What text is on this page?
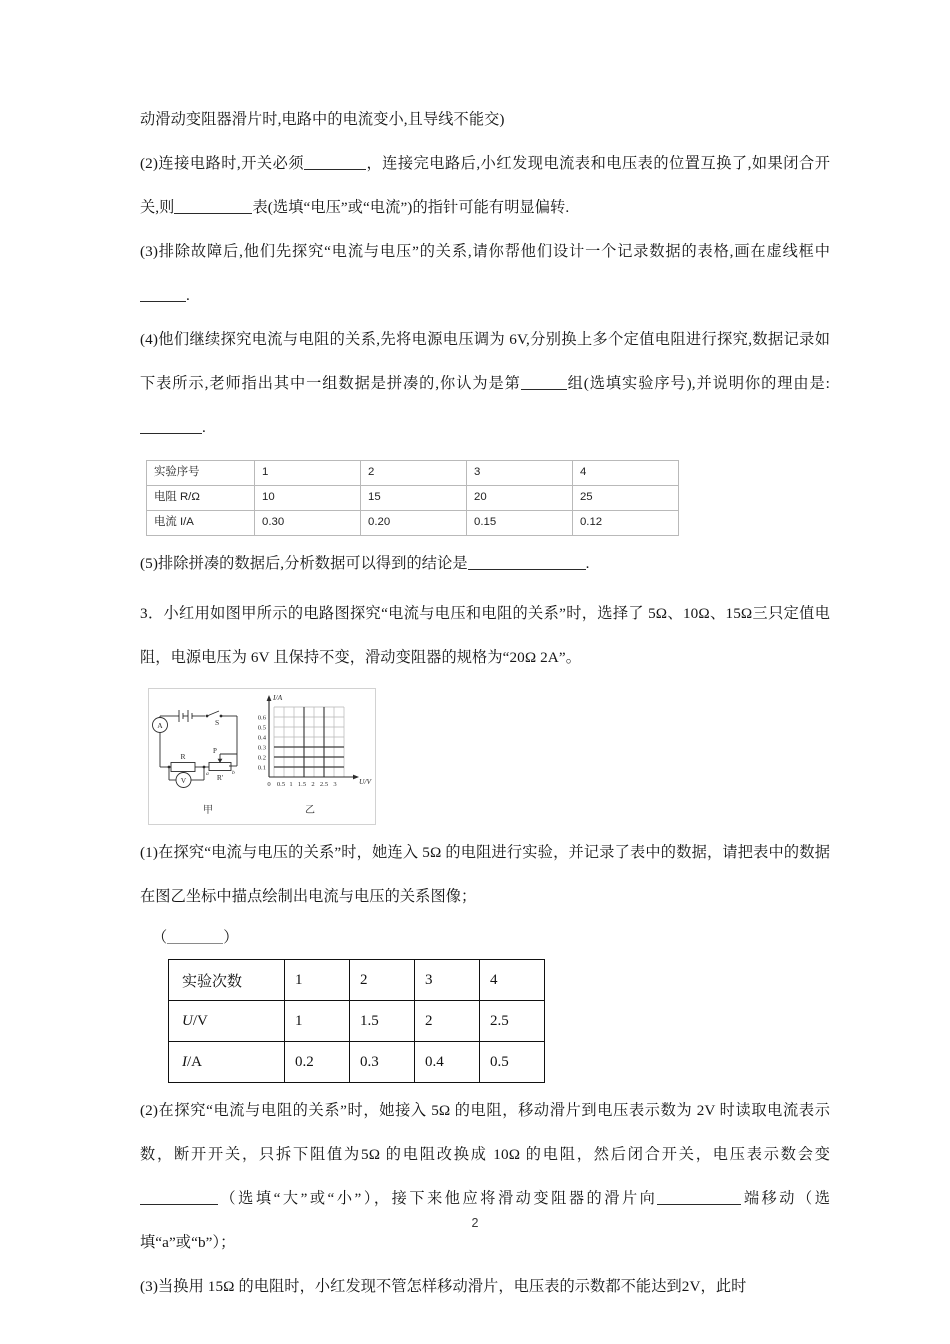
动滑动变阻器滑片时,电路中的电流变小,且导线不能交)

(2)连接电路时,开关必须	，连接完电路后,小红发现电流表和电压表的位置互换了,如果闭合开关,则	表(选填“电压”或“电流”)的指针可能有明显偏转.

(3)排除故障后,他们先探究“电流与电压”的关系,请你帮他们设计一个记录数据的表格,画在虚线框中.

(4)他们继续探究电流与电阻的关系,先将电源电压调为 6V,分别换上多个定值电阻进行探究,数据记录如下表所示,老师指出其中一组数据是拼凑的,你认为是第	组(选填实验序号),并说明你的理由是:.

实验序号	1	2	3	4
电阻 R/Ω	10	15	20	25
电流 I/A	0.30	0.20	0.15	0.12

(5)排除拼凑的数据后,分析数据可以得到的结论是	.

3．小红用如图甲所示的电路图探究“电流与电压和电阻的关系”时，选择了 5Ω、10Ω、15Ω三只定值电阻，电源电压为 6V 且保持不变，滑动变阻器的规格为“20Ω 2A”。

A
V
S
R
R'
P
a	b
I/A
U/V
0.1
0.2
0.3
0.4
0.5
0.6
0 0.5 1 1.5 2 2.5 3
甲	乙

(1)在探究“电流与电压的关系”时，她连入 5Ω 的电阻进行实验，并记录了表中的数据，请把表中的数据在图乙坐标中描点绘制出电流与电压的关系图像；

（	）
实验次数	1	2	3	4
U/V	1	1.5	2	2.5
I/A	0.2	0.3	0.4	0.5

(2)在探究“电流与电阻的关系”时，她接入 5Ω 的电阻，移动滑片到电压表示数为 2V 时读取电流表示数，断开开关，只拆下阻值为5Ω 的电阻改换成 10Ω 的电阻，然后闭合开关，电压表示数会变（选填“大”或“小”），接下来他应将滑动变阻器的滑片向	端移动（选填“a”或“b”）；

(3)当换用 15Ω 的电阻时，小红发现不管怎样移动滑片，电压表的示数都不能达到2V，此时

2
